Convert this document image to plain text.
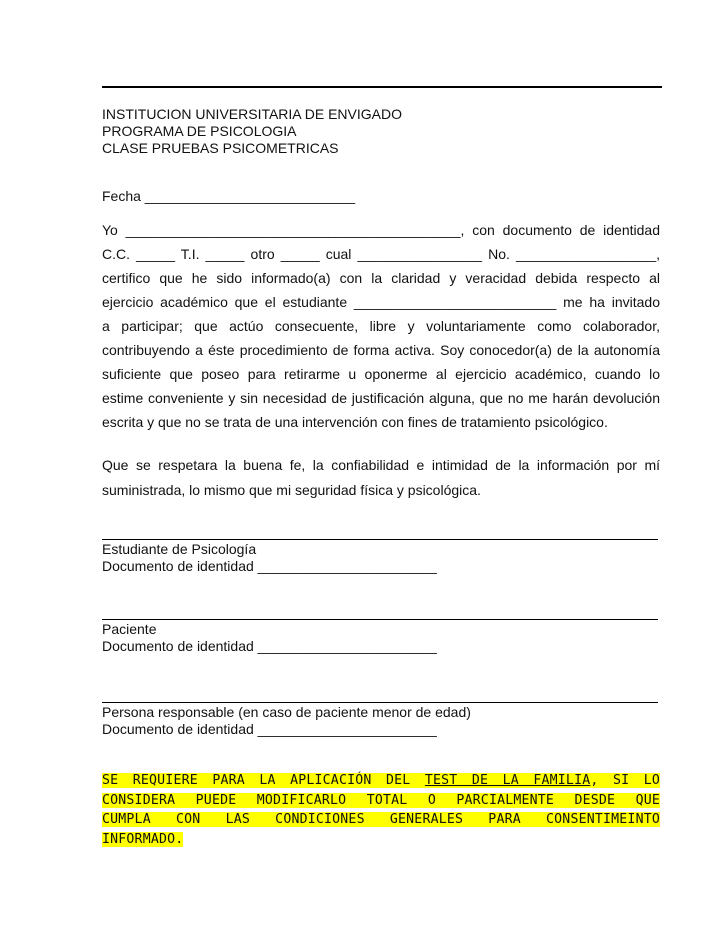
INSTITUCION UNIVERSITARIA DE ENVIGADO
PROGRAMA DE PSICOLOGIA
CLASE PRUEBAS PSICOMETRICAS
Fecha ___________________________
Yo ___________________________________________, con documento de identidad
C.C. _____ T.I. _____ otro _____ cual ________________ No. __________________,
certifico que he sido informado(a) con la claridad y veracidad debida respecto al
ejercicio académico que el estudiante __________________________ me ha invitado
a participar; que actúo consecuente, libre y voluntariamente como colaborador,
contribuyendo a éste procedimiento de forma activa. Soy conocedor(a) de la autonomía
suficiente que poseo para retirarme u oponerme al ejercicio académico, cuando lo
estime conveniente y sin necesidad de justificación alguna, que no me harán devolución
escrita y que no se trata de una intervención con fines de tratamiento psicológico.
Que se respetara la buena fe, la confiabilidad e intimidad de la información por mí
suministrada, lo mismo que mi seguridad física y psicológica.
Estudiante de Psicología
Documento de identidad _______________________
Paciente
Documento de identidad _______________________
Persona responsable (en caso de paciente menor de edad)
Documento de identidad _______________________
SE REQUIERE PARA LA APLICACIÓN DEL TEST DE LA FAMILIA, SI LO
CONSIDERA PUEDE MODIFICARLO TOTAL O PARCIALMENTE DESDE QUE
CUMPLA CON LAS CONDICIONES GENERALES PARA CONSENTIMEINTO
INFORMADO.
